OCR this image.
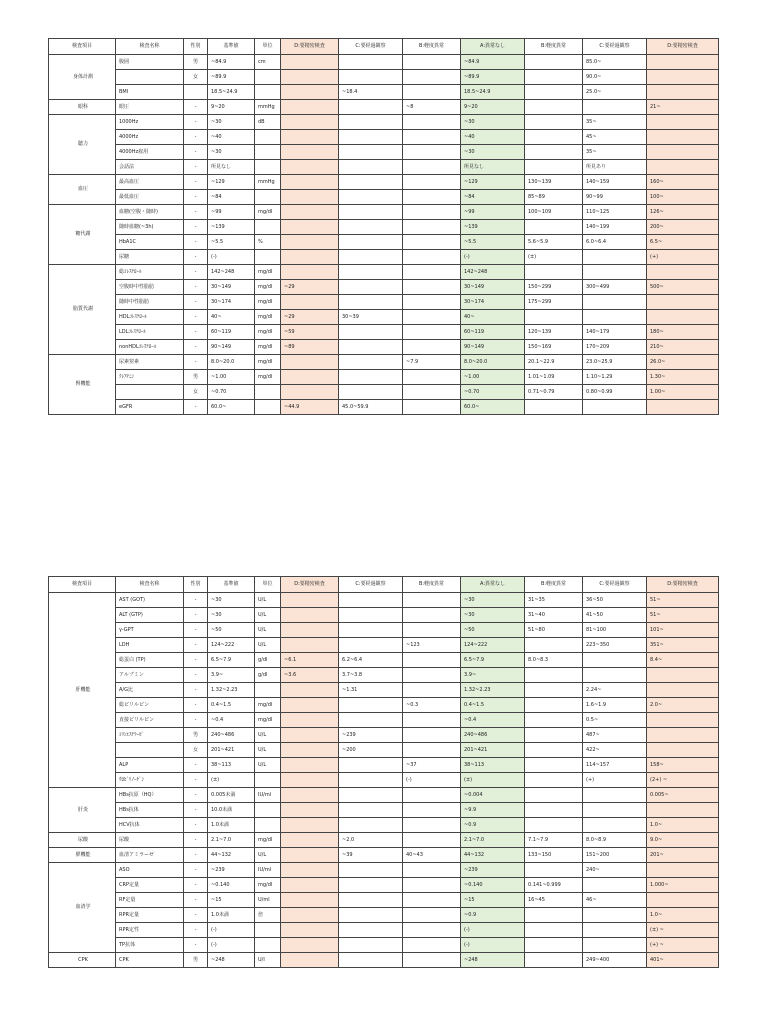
検査項目	検査名称	性別	基準値	単位	D:要精密検査	C:要経過観察	B:軽度異常	A:異常なし	B:軽度異常	C:要経過観察	D:要精密検査
身体計測	腹囲	男	~84.9	cm				~84.9		85.0~	
		女	~89.9					~89.9		90.0~	
	BMI		18.5~24.9			~18.4		18.5~24.9		25.0~	
眼科	眼圧	-	9~20	mmHg			~8	9~20			21~
聴力	1000Hz	-	~30	dB				~30		35~	
	4000Hz	-	~40					~40		45~	
	4000Hz雇用	-	~30					~30		35~	
	会話法	-	所見なし					所見なし		所見あり	
血圧	最高血圧	-	~129	mmHg				~129	130~139	140~159	160~
	最低血圧	-	~84					~84	85~89	90~99	100~
糖代謝	血糖(空腹・随時)	-	~99	mg/dl				~99	100~109	110~125	126~
	随時血糖(~3h)	-	~139					~139		140~199	200~
	HbA1C	-	~5.5	%				~5.5	5.6~5.9	6.0~6.4	6.5~
	尿糖	-	(-)					(-)	(±)		(+)
脂質代謝	総ｺﾚｽﾃﾛｰﾙ	-	142~248	mg/dl				142~248			
	空腹時中性脂肪	-	30~149	mg/dl	~29			30~149	150~299	300~499	500~
	随時中性脂肪	-	30~174	mg/dl				30~174	175~299		
	HDLｺﾚｽﾃﾛｰﾙ	-	40~	mg/dl	~29	30~39		40~			
	LDLｺﾚｽﾃﾛｰﾙ	-	60~119	mg/dl	~59			60~119	120~139	140~179	180~
	nonHDLｺﾚｽﾃﾛｰﾙ	-	90~149	mg/dl	~89			90~149	150~169	170~209	210~
腎機能	尿素窒素	-	8.0~20.0	mg/dl			~7.9	8.0~20.0	20.1~22.9	23.0~25.9	26.0~
	ｸﾚｱﾁﾆﾝ	男	~1.00	mg/dl				~1.00	1.01~1.09	1.10~1.29	1.30~
		女	~0.70					~0.70	0.71~0.79	0.80~0.99	1.00~
	eGFR	-	60.0~		~44.9	45.0~59.9		60.0~			
検査項目	検査名称	性別	基準値	単位	D:要精密検査	C:要経過観察	B:軽度異常	A:異常なし	B:軽度異常	C:要経過観察	D:要精密検査
肝機能	AST (GOT)	-	~30	U/L				~30	31~35	36~50	51~
	ALT (GTP)	-	~30	U/L				~30	31~40	41~50	51~
	γ-GPT	-	~50	U/L				~50	51~80	81~100	101~
	LDH	-	124~222	U/L			~123	124~222		223~350	351~
	総蛋白 (TP)	-	6.5~7.9	g/dl	~6.1	6.2~6.4		6.5~7.9	8.0~8.3		8.4~
	アルブミン	-	3.9~	g/dl	~3.6	3.7~3.8		3.9~			
	A/G比	-	1.32~2.23			~1.31		1.32~2.23		2.24~	
	総ビリルビン	-	0.4~1.5	mg/dl			~0.3	0.4~1.5		1.6~1.9	2.0~
	直接ビリルビン	-	~0.4	mg/dl				~0.4		0.5~	
	ｺﾘﾝｴｽﾃﾗｰｾﾞ	男	240~486	U/L		~239		240~486		487~	
		女	201~421	U/L		~200		201~421		422~	
	ALP	-	38~113	U/L			~37	38~113		114~157	158~
	ｳﾛﾋﾞﾘﾉｰｹﾞﾝ	-	(±)				(-)	(±)		(+)	(2+) ~
肝炎	HBs抗原（HQ）	-	0.005未満	IU/ml				~0.004			0.005~
	HBs抗体	-	10.0未満					~9.9			
	HCV抗体	-	1.0未満					~0.9			1.0~
尿酸	尿酸	-	2.1~7.0	mg/dl		~2.0		2.1~7.0	7.1~7.9	8.0~8.9	9.0~
膵機能	血清アミラーゼ	-	44~132	U/L		~39	40~43	44~132	133~150	151~200	201~
血清学	ASO	-	~239	IU/ml				~239		240~	
	CRP定量	-	~0.140	mg/dl				~0.140	0.141~0.999		1.000~
	RF定量	-	~15	U/ml				~15	16~45	46~	
	RPR定量	-	1.0未満	倍				~0.9			1.0~
	RPR定性	-	(-)					(-)			(±) ~
	TP抗体	-	(-)					(-)			(+) ~
CPK	CPK	男	~248	U/l				~248		249~400	401~
